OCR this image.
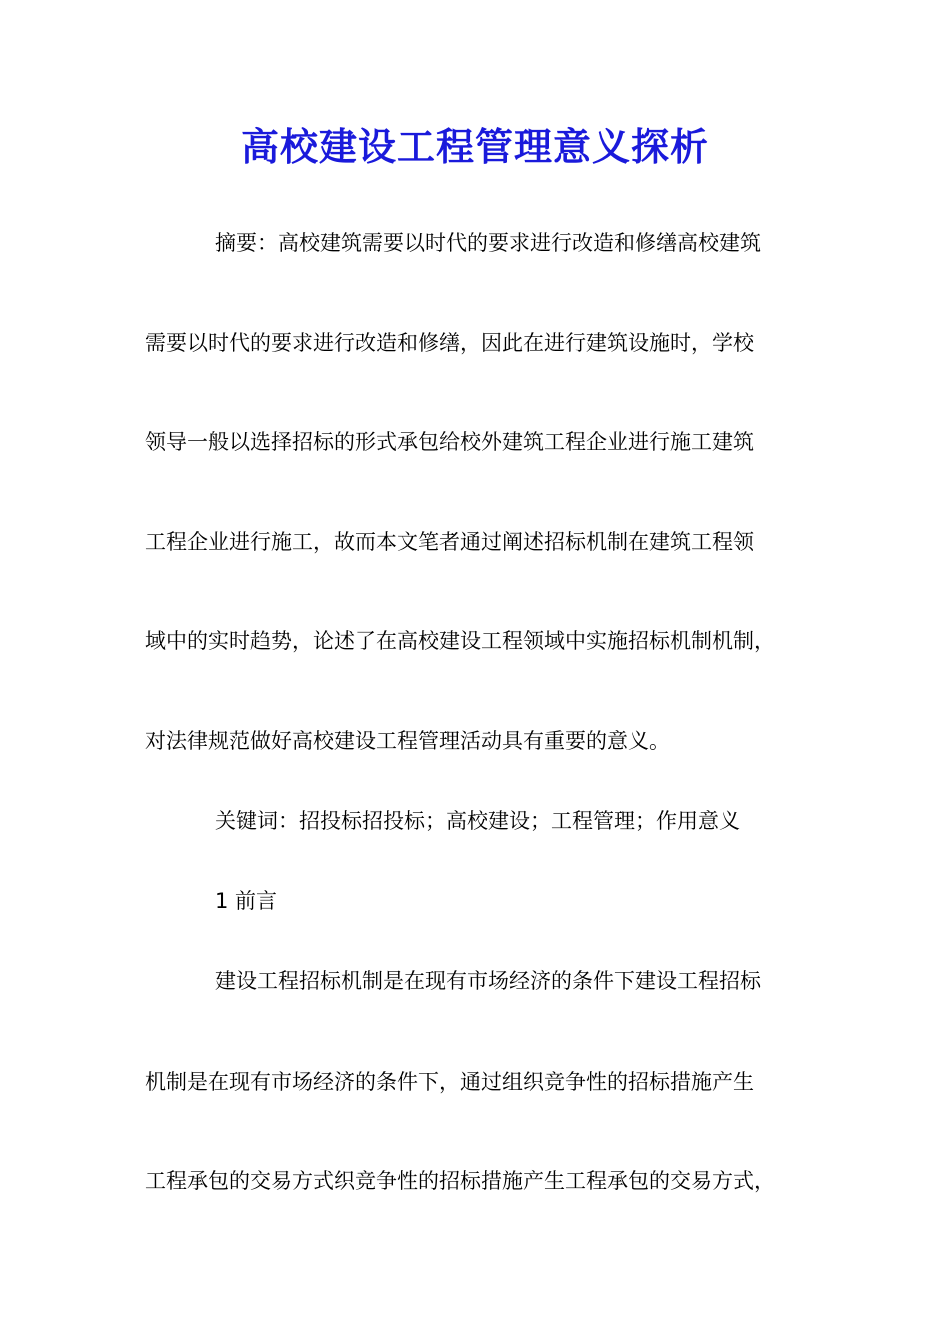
高校建设工程管理意义探析
摘要：高校建筑需要以时代的要求进行改造和修缮高校建筑
需要以时代的要求进行改造和修缮，因此在进行建筑设施时，学校
领导一般以选择招标的形式承包给校外建筑工程企业进行施工建筑
工程企业进行施工，故而本文笔者通过阐述招标机制在建筑工程领
域中的实时趋势，论述了在高校建设工程领域中实施招标机制机制，
对法律规范做好高校建设工程管理活动具有重要的意义。
关键词：招投标招投标；高校建设；工程管理；作用意义
1 前言
建设工程招标机制是在现有市场经济的条件下建设工程招标
机制是在现有市场经济的条件下，通过组织竞争性的招标措施产生
工程承包的交易方式织竞争性的招标措施产生工程承包的交易方式，
